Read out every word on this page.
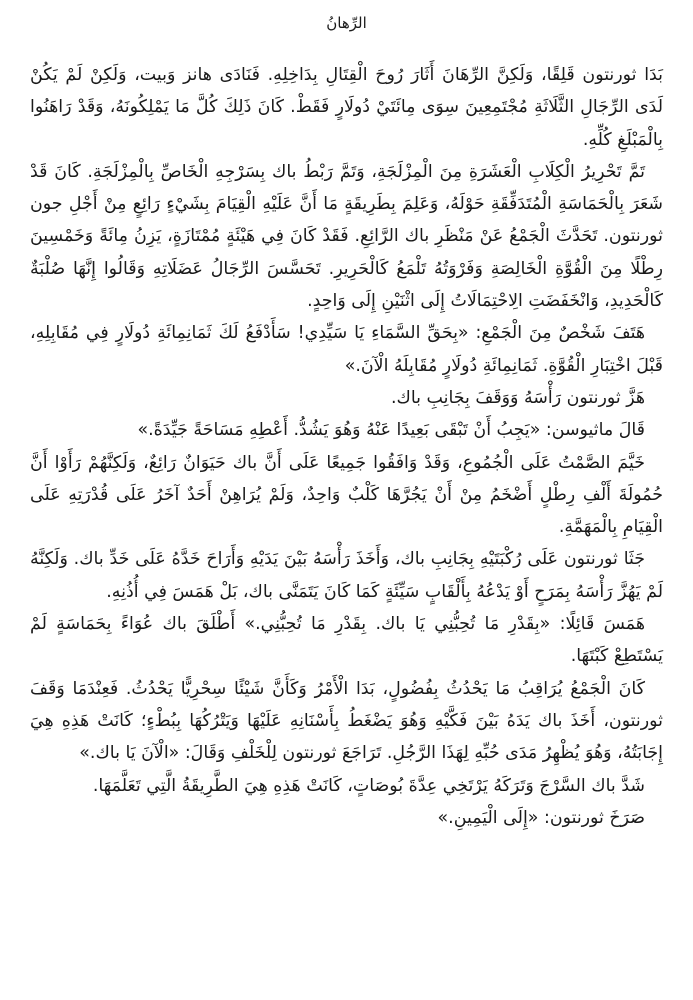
الرِّهانُ

بَدَا ثورنتون قَلِقًا، وَلَكِنَّ الرِّهَانَ أَثَارَ رُوحَ الْقِتَالِ بِدَاخِلِهِ. فَنَادَى هانز وَبيت، وَلَكِنْ لَمْ يَكُنْ لَدَى الرِّجَالِ الثَّلَاثَةِ مُجْتَمِعِينَ سِوَى مِائَتَيْ دُولَارٍ فَقَطْ. كَانَ ذَلِكَ كُلَّ مَا يَمْلِكُونَهُ، وَقَدْ رَاهَنُوا بِالْمَبْلَغِ كُلِّهِ.

تَمَّ تَحْرِيرُ الْكِلَابِ الْعَشَرَةِ مِنَ الْمِزْلَجَةِ، وَتَمَّ رَبْطُ باك بِسَرْجِهِ الْخَاصِّ بِالْمِزْلَجَةِ. كَانَ قَدْ شَعَرَ بِالْحَمَاسَةِ الْمُتَدَفِّقَةِ حَوْلَهُ، وَعَلِمَ بِطَرِيقَةٍ مَا أَنَّ عَلَيْهِ الْقِيَامَ بِشَيْءٍ رَائِعٍ مِنْ أَجْلِ جون ثورنتون. تَحَدَّثَ الْجَمْعُ عَنْ مَنْظَرِ باك الرَّائِعِ. فَقَدْ كَانَ فِي هَيْئَةٍ مُمْتَازَةٍ، يَزِنُ مِائَةً وَخَمْسِينَ رِطْلًا مِنَ الْقُوَّةِ الْخَالِصَةِ وَفَرْوَتُهُ تَلْمَعُ كَالْحَرِيرِ. تَحَسَّسَ الرِّجَالُ عَضَلَاتِهِ وَقَالُوا إِنَّهَا صُلْبَةٌ كَالْحَدِيدِ، وَانْخَفَضَتِ الِاحْتِمَالَاتُ إِلَى اثْنَيْنِ إِلَى وَاحِدٍ.

هَتَفَ شَخْصٌ مِنَ الْجَمْعِ: «بِحَقِّ السَّمَاءِ يَا سَيِّدِي! سَأَدْفَعُ لَكَ ثَمَانِمِائَةِ دُولَارٍ فِي مُقَابِلِهِ، قَبْلَ اخْتِبَارِ الْقُوَّةِ. ثَمَانِمِائَةِ دُولَارٍ مُقَابِلَهُ الْآنَ.»

هَزَّ ثورنتون رَأْسَهُ وَوَقَفَ بِجَانِبِ باك.

قَالَ ماثيوسن: «يَجِبُ أَنْ تَبْقَى بَعِيدًا عَنْهُ وَهُوَ يَشُدُّ. أَعْطِهِ مَسَاحَةً جَيِّدَةً.»

خَيَّمَ الصَّمْتُ عَلَى الْجُمُوعِ، وَقَدْ وَافَقُوا جَمِيعًا عَلَى أَنَّ باك حَيَوَانٌ رَائِعٌ، وَلَكِنَّهُمْ رَأَوْا أَنَّ حُمُولَةَ أَلْفِ رِطْلٍ أَضْخَمُ مِنْ أَنْ يَجُرَّهَا كَلْبٌ وَاحِدٌ، وَلَمْ يُرَاهِنْ أَحَدٌ آخَرُ عَلَى قُدْرَتِهِ عَلَى الْقِيَامِ بِالْمَهَمَّةِ.

جَثَا ثورنتون عَلَى رُكْبَتَيْهِ بِجَانِبِ باك، وَأَخَذَ رَأْسَهُ بَيْنَ يَدَيْهِ وَأَرَاحَ خَدَّهُ عَلَى خَدِّ باك. وَلَكِنَّهُ لَمْ يَهُزَّ رَأْسَهُ بِمَرَحٍ أَوْ يَدْعُهُ بِأَلْقَابٍ سَيِّئَةٍ كَمَا كَانَ يَتَمَنَّى باك، بَلْ هَمَسَ فِي أُذُنِهِ.

هَمَسَ قَائِلًا: «بِقَدْرِ مَا تُحِبُّنِي يَا باك. بِقَدْرِ مَا تُحِبُّنِي.» أَطْلَقَ باك عُوَاءً بِحَمَاسَةٍ لَمْ يَسْتَطِعْ كَبْتَهَا.

كَانَ الْجَمْعُ يُرَاقِبُ مَا يَحْدُثُ بِفُضُولٍ، بَدَا الْأَمْرُ وَكَأَنَّ شَيْئًا سِحْرِيًّا يَحْدُثُ. فَعِنْدَمَا وَقَفَ ثورنتون، أَخَذَ باك يَدَهُ بَيْنَ فَكَّيْهِ وَهُوَ يَضْغَطُ بِأَسْنَانِهِ عَلَيْهَا وَيَتْرُكُهَا بِبُطْءٍ؛ كَانَتْ هَذِهِ هِيَ إِجَابَتُهُ، وَهُوَ يُظْهِرُ مَدَى حُبِّهِ لِهَذَا الرَّجُلِ. تَرَاجَعَ ثورنتون لِلْخَلْفِ وَقَالَ: «الْآنَ يَا باك.»

شَدَّ باك السَّرْجَ وَتَرَكَهُ يَرْتَخِي عِدَّةَ بُوصَاتٍ، كَانَتْ هَذِهِ هِيَ الطَّرِيقَةُ الَّتِي تَعَلَّمَهَا.

صَرَخَ ثورنتون: «إِلَى الْيَمِينِ.»
